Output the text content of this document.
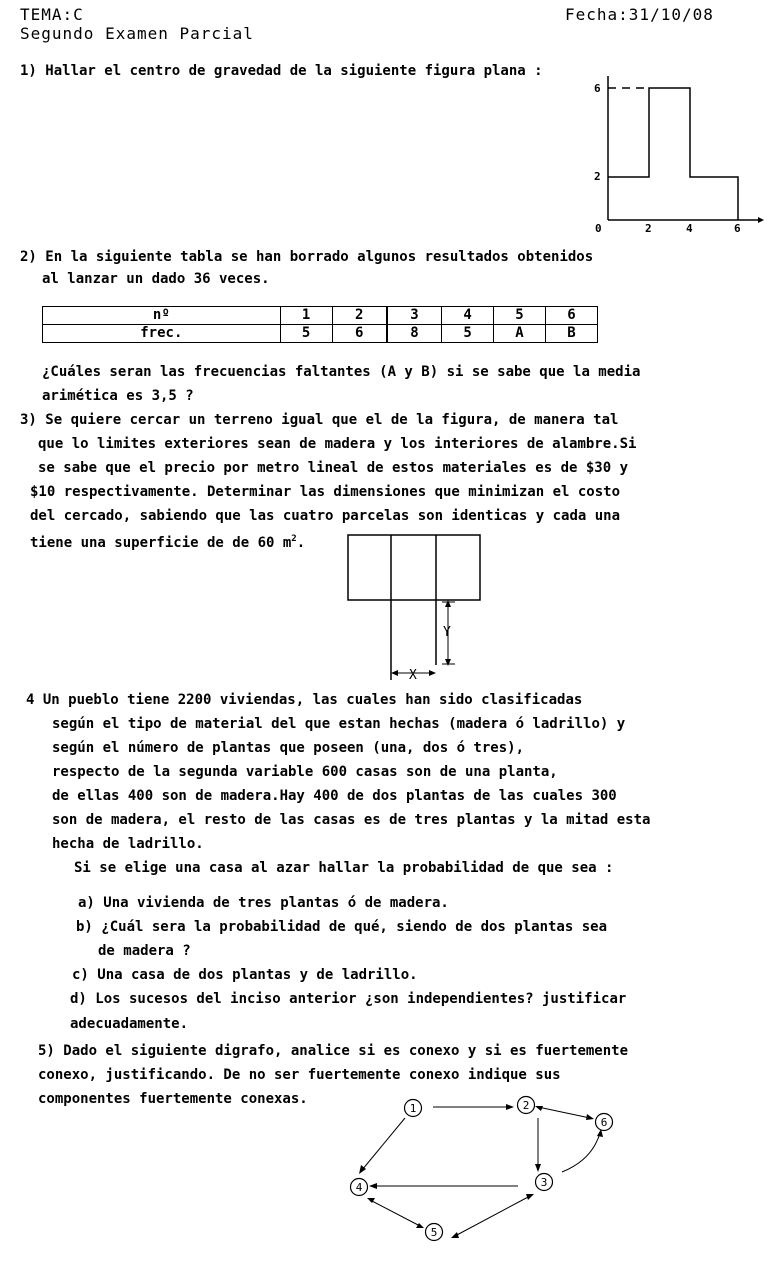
TEMA:C	Fecha:31/10/08
Segundo Examen Parcial
1) Hallar el centro de gravedad de la siguiente figura plana :
6
2
0	2	4	6
Y
X
1	2
3
4
5
6
2) En la siguiente tabla se han borrado algunos resultados obtenidos
al lanzar un dado 36 veces.
nº	1	2	3	4	5	6
frec.	5	6	8	5	A	B
¿Cuáles seran las frecuencias faltantes (A y B) si se sabe que la media
arimética es 3,5 ?
3) Se quiere cercar un terreno igual que el de la figura, de manera tal
que lo limites exteriores sean de madera y los interiores de alambre.Si
se sabe que el precio por metro lineal de estos materiales es de $30 y
$10 respectivamente. Determinar las dimensiones que minimizan el costo
del cercado, sabiendo que las cuatro parcelas son identicas y cada una
tiene una superficie de de 60 $m^2$.
4 Un pueblo tiene 2200 viviendas, las cuales han sido clasificadas
según el tipo de material del que estan hechas (madera ó ladrillo) y
según el número de plantas que poseen (una, dos ó tres),
respecto de la segunda variable 600 casas son de una planta,
de ellas 400 son de madera.Hay 400 de dos plantas de las cuales 300
son de madera, el resto de las casas es de tres plantas y la mitad esta
hecha de ladrillo.
Si se elige una casa al azar hallar la probabilidad de que sea :
a) Una vivienda de tres plantas ó de madera.
b) ¿Cuál sera la probabilidad de qué, siendo de dos plantas sea
de madera ?
c) Una casa de dos plantas y de ladrillo.
d) Los sucesos del inciso anterior ¿son independientes? justificar
adecuadamente.
5) Dado el siguiente digrafo, analice si es conexo y si es fuertemente
conexo, justificando. De no ser fuertemente conexo indique sus
componentes fuertemente conexas.
